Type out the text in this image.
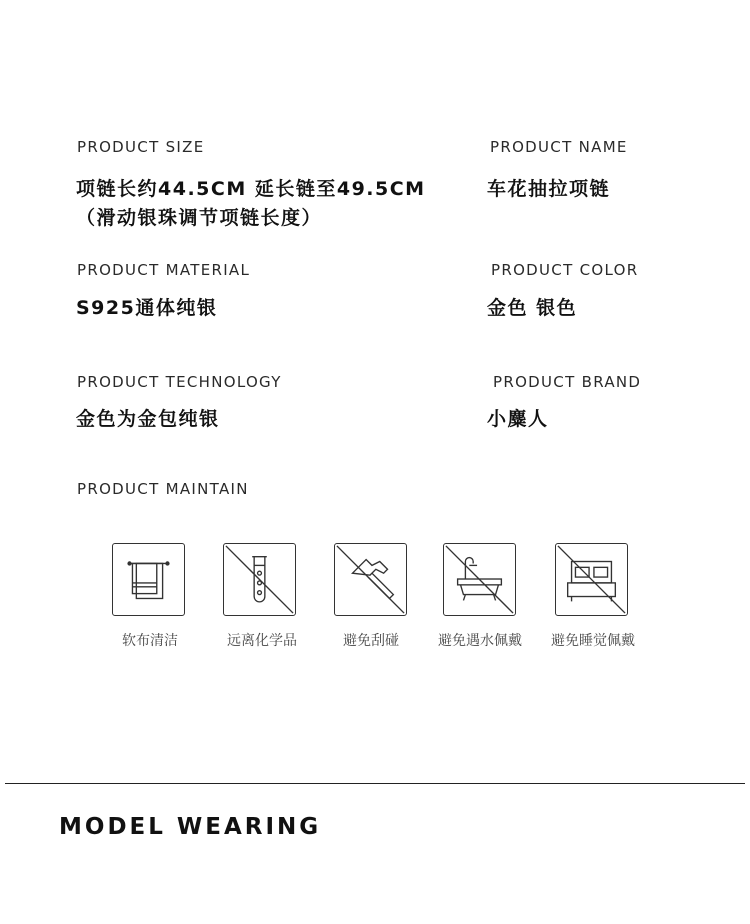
PRODUCT SIZE
项链长约44.5CM 延长链至49.5CM
（滑动银珠调节项链长度）
PRODUCT NAME
车花抽拉项链
PRODUCT MATERIAL
S925通体纯银
PRODUCT COLOR
金色 银色
PRODUCT TECHNOLOGY
金色为金包纯银
PRODUCT BRAND
小麋人
PRODUCT MAINTAIN
软布清洁	远离化学品	避免刮碰	避免遇水佩戴	避免睡觉佩戴
MODEL WEARING
